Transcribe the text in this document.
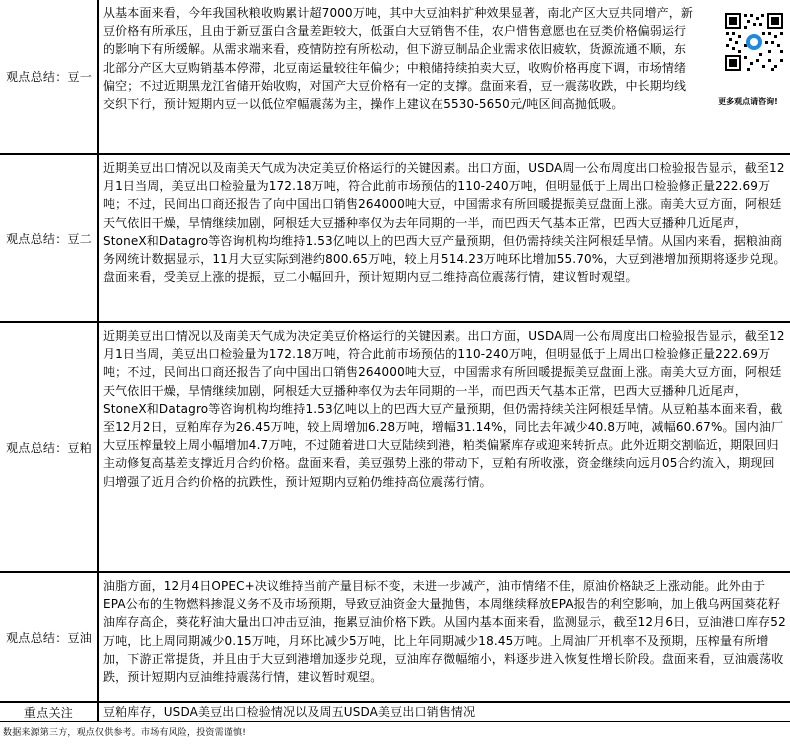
观点总结：豆一
从基本面来看，今年我国秋粮收购累计超7000万吨，其中大豆油料扩种效果显著，南北产区大豆共同增产，新豆价格有所承压，且由于新豆蛋白含量差距较大，低蛋白大豆销售不佳，农户惜售意愿也在豆类价格偏弱运行的影响下有所缓解。从需求端来看，疫情防控有所松动，但下游豆制品企业需求依旧疲软，货源流通不顺，东北部分产区大豆购销基本停滞，北豆南运量较往年偏少；中粮储持续拍卖大豆，收购价格再度下调，市场情绪偏空；不过近期黑龙江省储开始收购，对国产大豆价格有一定的支撑。盘面来看，豆一震荡收跌，中长期均线交织下行，预计短期内豆一以低位窄幅震荡为主，操作上建议在5530-5650元/吨区间高抛低吸。	更多观点请咨询!
观点总结：豆二
近期美豆出口情况以及南美天气成为决定美豆价格运行的关键因素。出口方面，USDA周一公布周度出口检验报告显示，截至12月1日当周，美豆出口检验量为172.18万吨，符合此前市场预估的110-240万吨，但明显低于上周出口检验修正量222.69万吨；不过，民间出口商还报告了向中国出口销售264000吨大豆，中国需求有所回暖提振美豆盘面上涨。南美大豆方面，阿根廷天气依旧干燥，旱情继续加剧，阿根廷大豆播种率仅为去年同期的一半，而巴西天气基本正常，巴西大豆播种几近尾声，StoneX和Datagro等咨询机构均维持1.53亿吨以上的巴西大豆产量预期，但仍需持续关注阿根廷旱情。从国内来看，据粮油商务网统计数据显示，11月大豆实际到港约800.65万吨，较上月514.23万吨环比增加55.70%，大豆到港增加预期将逐步兑现。盘面来看，受美豆上涨的提振，豆二小幅回升，预计短期内豆二维持高位震荡行情，建议暂时观望。
观点总结：豆粕
近期美豆出口情况以及南美天气成为决定美豆价格运行的关键因素。出口方面，USDA周一公布周度出口检验报告显示，截至12月1日当周，美豆出口检验量为172.18万吨，符合此前市场预估的110-240万吨，但明显低于上周出口检验修正量222.69万吨；不过，民间出口商还报告了向中国出口销售264000吨大豆，中国需求有所回暖提振美豆盘面上涨。南美大豆方面，阿根廷天气依旧干燥，旱情继续加剧，阿根廷大豆播种率仅为去年同期的一半，而巴西天气基本正常，巴西大豆播种几近尾声，StoneX和Datagro等咨询机构均维持1.53亿吨以上的巴西大豆产量预期，但仍需持续关注阿根廷旱情。从豆粕基本面来看，截至12月2日，豆粕库存为26.45万吨，较上周增加6.28万吨，增幅31.14%，同比去年减少40.8万吨，减幅60.67%。国内油厂大豆压榨量较上周小幅增加4.7万吨，不过随着进口大豆陆续到港，粕类偏紧库存或迎来转折点。此外近期交割临近，期限回归主动修复高基差支撑近月合约价格。盘面来看，美豆强势上涨的带动下，豆粕有所收涨，资金继续向远月05合约流入，期现回归增强了近月合约价格的抗跌性，预计短期内豆粕仍维持高位震荡行情。
观点总结：豆油
油脂方面，12月4日OPEC+决议维持当前产量目标不变，未进一步减产，油市情绪不佳，原油价格缺乏上涨动能。此外由于EPA公布的生物燃料掺混义务不及市场预期，导致豆油资金大量抛售，本周继续释放EPA报告的利空影响，加上俄乌两国葵花籽油库存高企，葵花籽油大量出口冲击豆油，拖累豆油价格下跌。从国内基本面来看，监测显示，截至12月6日，豆油港口库存52万吨，比上周同期减少0.15万吨，月环比减少5万吨，比上年同期减少18.45万吨。上周油厂开机率不及预期，压榨量有所增加，下游正常提货，并且由于大豆到港增加逐步兑现，豆油库存微幅缩小，料逐步进入恢复性增长阶段。盘面来看，豆油震荡收跌，预计短期内豆油维持震荡行情，建议暂时观望。
重点关注	豆粕库存，USDA美豆出口检验情况以及周五USDA美豆出口销售情况
数据来源第三方，观点仅供参考。市场有风险，投资需谨慎!
